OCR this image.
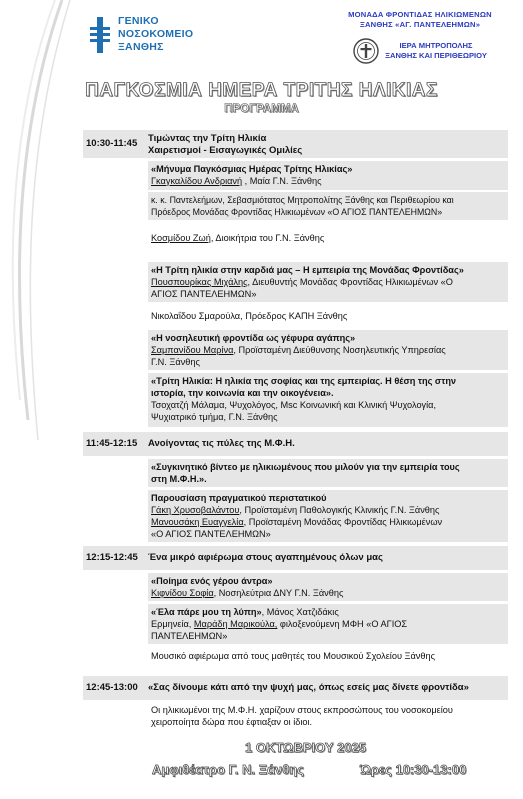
ΓΕΝΙΚΟ
ΝΟΣΟΚΟΜΕΙΟ
ΞΑΝΘΗΣ
ΜΟΝΑΔΑ ΦΡΟΝΤΙΔΑΣ ΗΛΙΚΙΩΜΕΝΩΝ
ΞΑΝΘΗΣ «ΑΓ. ΠΑΝΤΕΛΕΗΜΩΝ»
ΙΕΡΑ ΜΗΤΡΟΠΟΛΗΣ
ΞΑΝΘΗΣ ΚΑΙ ΠΕΡΙΘΕΩΡΙΟΥ
ΠΑΓΚΟΣΜΙΑ ΗΜΕΡΑ ΤΡΙΤΗΣ ΗΛΙΚΙΑΣ
ΠΡΟΓΡΑΜΜΑ
10:30-11:45	Τιμώντας την Τρίτη Ηλικία
Χαιρετισμοί - Εισαγωγικές Ομιλίες
«Μήνυμα Παγκόσμιας Ημέρας Τρίτης Ηλικίας»
Γκαγκαλίδου Ανδριανή , Μαία Γ.Ν. Ξάνθης
κ. κ. Παντελεήμων, Σεβασμιότατος Μητροπολίτης Ξάνθης και Περιθεωρίου και
Πρόεδρος Μονάδας Φροντίδας Ηλικιωμένων «Ο ΑΓΙΟΣ ΠΑΝΤΕΛΕΗΜΩΝ»
Κοσμίδου Ζωή, Διοικήτρια του Γ.Ν. Ξάνθης
«Η Τρίτη ηλικία στην καρδιά μας – Η εμπειρία της Μονάδας Φροντίδας»
Πουσπουρίκας Μιχάλης, Διευθυντής Μονάδας Φροντίδας Ηλικιωμένων «Ο
ΑΓΙΟΣ ΠΑΝΤΕΛΕΗΜΩΝ»
Νικολαΐδου Σμαρούλα, Πρόεδρος ΚΑΠΗ Ξάνθης
«Η νοσηλευτική φροντίδα ως γέφυρα αγάπης»
Σαμπανίδου Μαρίνα, Προϊσταμένη Διεύθυνσης Νοσηλευτικής Υπηρεσίας
Γ.Ν. Ξάνθης
«Τρίτη Ηλικία: Η ηλικία της σοφίας και της εμπειρίας. Η θέση της στην
ιστορία, την κοινωνία και την οικογένεια».
Τσοχατζή Μάλαμα, Ψυχολόγος, Msc Κοινωνική και Κλινική Ψυχολογία,
Ψυχιατρικό τμήμα, Γ.Ν. Ξάνθης
11:45-12:15	Ανοίγοντας τις πύλες της Μ.Φ.Η.
«Συγκινητικό βίντεο με ηλικιωμένους που μιλούν για την εμπειρία τους
στη Μ.Φ.Η.».
Παρουσίαση πραγματικού περιστατικού
Γάκη Χρυσοβαλάντου, Προϊσταμένη Παθολογικής Κλινικής Γ.Ν. Ξάνθης
Μανουσάκη Ευαγγελία, Προϊσταμένη Μονάδας Φροντίδας Ηλικιωμένων
«Ο ΑΓΙΟΣ ΠΑΝΤΕΛΕΗΜΩΝ»
12:15-12:45	Ένα μικρό αφιέρωμα στους αγαπημένους όλων μας
«Ποίημα ενός γέρου άντρα»
Κιφνίδου Σοφία, Νοσηλεύτρια ΔΝΥ Γ.Ν. Ξάνθης
«Έλα πάρε μου τη λύπη», Μάνος Χατζιδάκις
Ερμηνεία, Μαράδη Μαρικούλα, φιλοξενούμενη ΜΦΗ «Ο ΑΓΙΟΣ
ΠΑΝΤΕΛΕΗΜΩΝ»
Μουσικό αφιέρωμα από τους μαθητές του Μουσικού Σχολείου Ξάνθης
12:45-13:00	«Σας δίνουμε κάτι από την ψυχή μας, όπως εσείς μας δίνετε φροντίδα»
Οι ηλικιωμένοι της Μ.Φ.Η. χαρίζουν στους εκπροσώπους του νοσοκομείου
χειροποίητα δώρα που έφτιαξαν οι ίδιοι.
1 ΟΚΤΩΒΡΙΟΥ 2025
Αμφιθέατρο Γ. Ν. Ξάνθης	Ώρες 10:30-13:00
